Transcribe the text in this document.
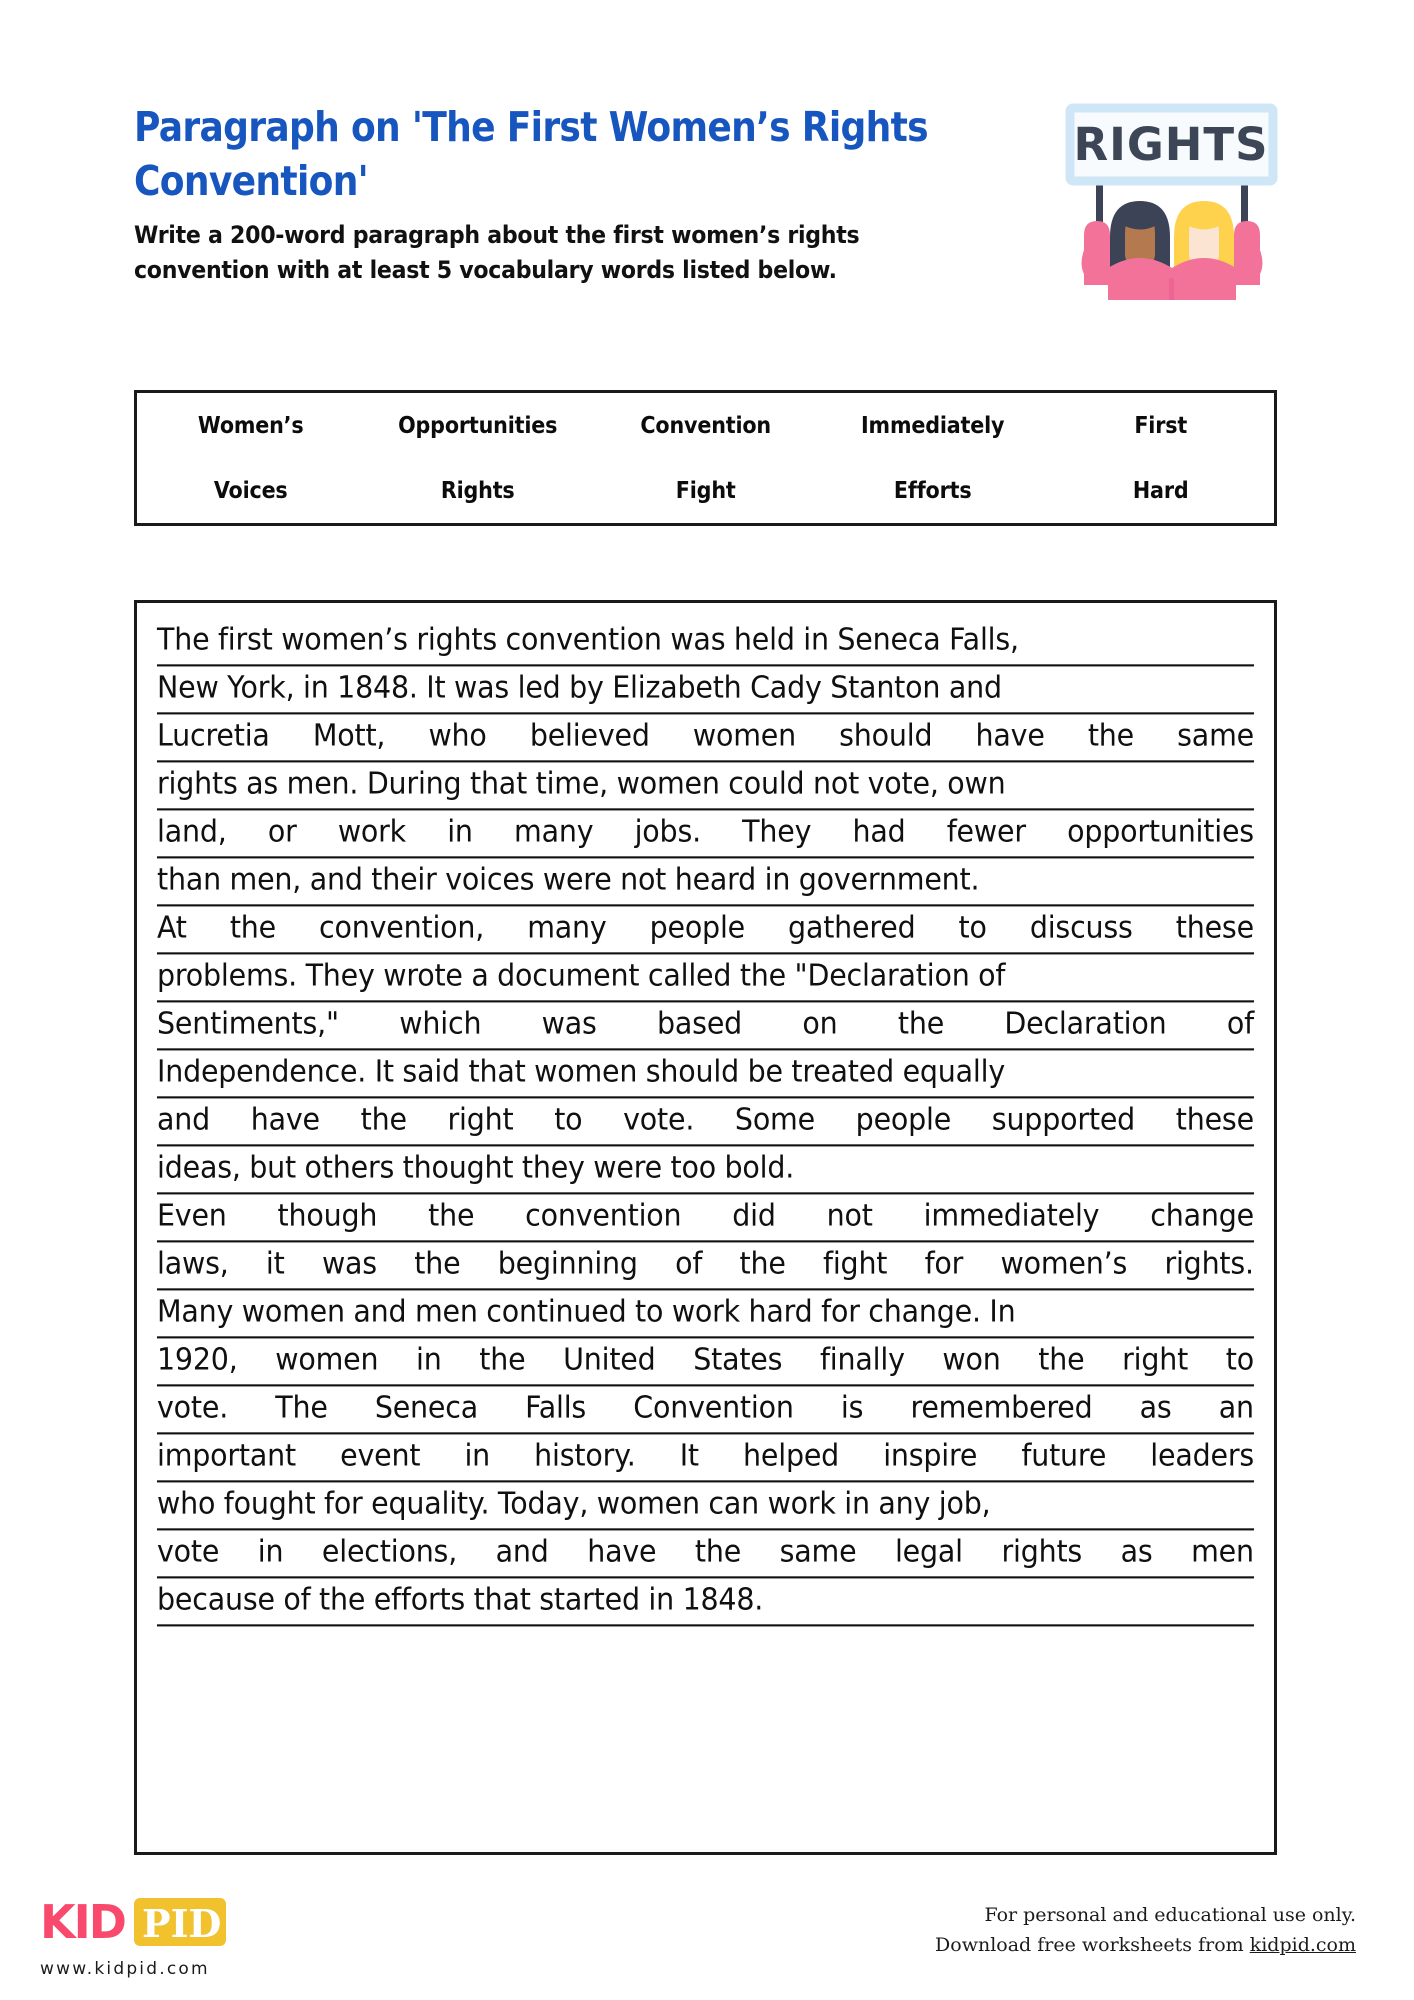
Paragraph on 'The First Women’s Rights Convention'

Write a 200-word paragraph about the first women’s rights convention with at least 5 vocabulary words listed below.

RIGHTS
Women’s	Opportunities	Convention	Immediately	First
Voices	Rights	Fight	Efforts	Hard
The first women’s rights convention was held in Seneca Falls,
New York, in 1848. It was led by Elizabeth Cady Stanton and
Lucretia Mott, who believed women should have the same
rights as men. During that time, women could not vote, own
land, or work in many jobs. They had fewer opportunities
than men, and their voices were not heard in government.
At the convention, many people gathered to discuss these
problems. They wrote a document called the "Declaration of
Sentiments," which was based on the Declaration of
Independence. It said that women should be treated equally
and have the right to vote. Some people supported these
ideas, but others thought they were too bold.
Even though the convention did not immediately change
laws, it was the beginning of the fight for women’s rights.
Many women and men continued to work hard for change. In
1920, women in the United States finally won the right to
vote. The Seneca Falls Convention is remembered as an
important event in history. It helped inspire future leaders
who fought for equality. Today, women can work in any job,
vote in elections, and have the same legal rights as men
because of the efforts that started in 1848.
KID PID
www.kidpid.com
For personal and educational use only.
Download free worksheets from kidpid.com
